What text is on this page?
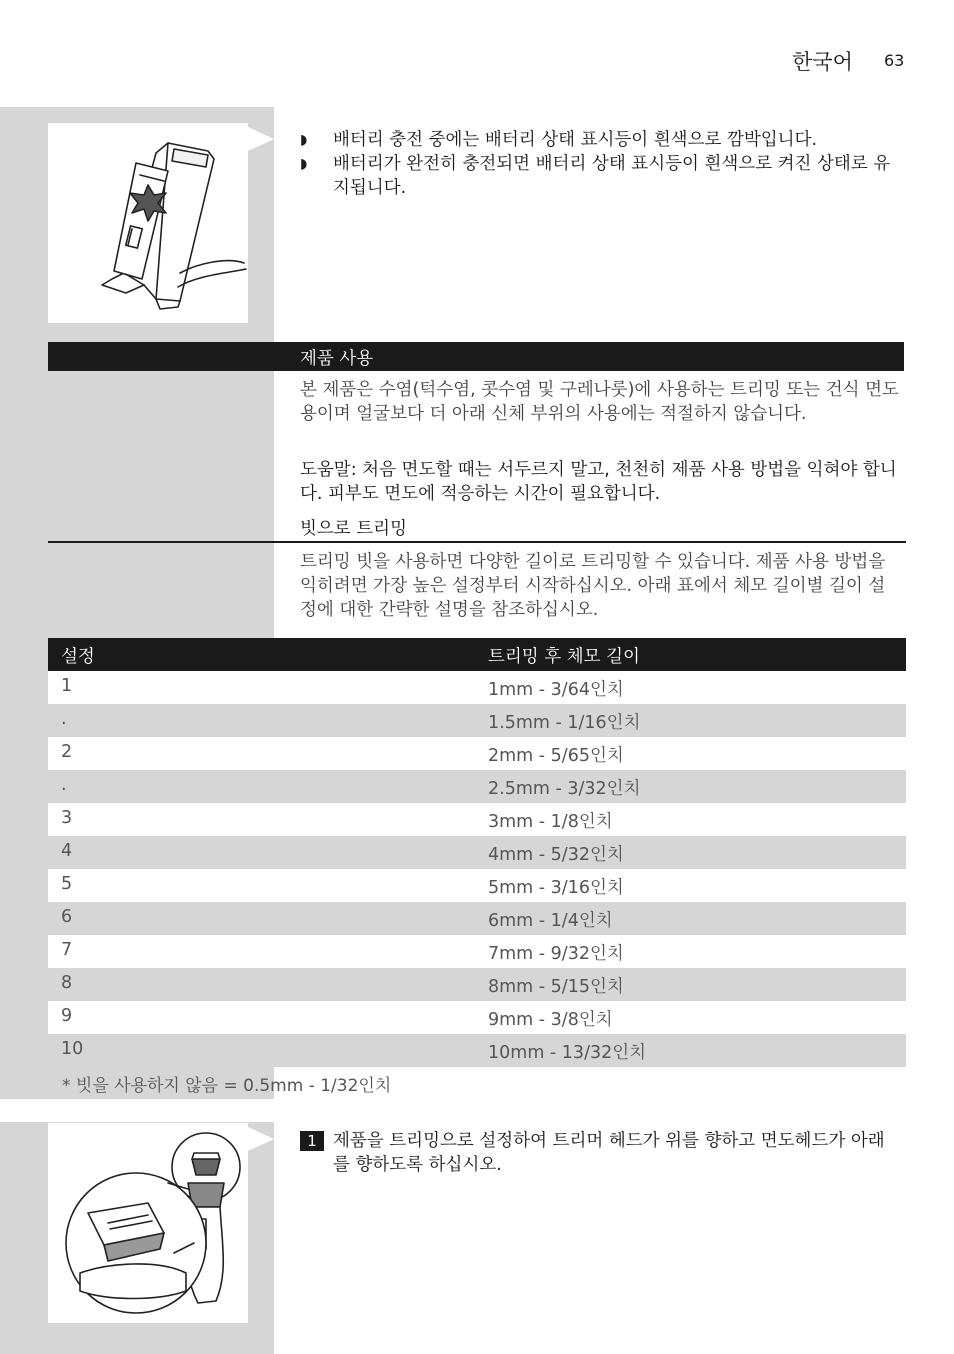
한국어 63
◗ 배터리 충전 중에는 배터리 상태 표시등이 흰색으로 깜박입니다.
◗ 배터리가 완전히 충전되면 배터리 상태 표시등이 흰색으로 켜진 상태로 유지됩니다.
제품 사용
본 제품은 수염(턱수염, 콧수염 및 구레나룻)에 사용하는 트리밍 또는 건식 면도용이며 얼굴보다 더 아래 신체 부위의 사용에는 적절하지 않습니다.
도움말: 처음 면도할 때는 서두르지 말고, 천천히 제품 사용 방법을 익혀야 합니다. 피부도 면도에 적응하는 시간이 필요합니다.
빗으로 트리밍
트리밍 빗을 사용하면 다양한 길이로 트리밍할 수 있습니다. 제품 사용 방법을 익히려면 가장 높은 설정부터 시작하십시오. 아래 표에서 체모 길이별 길이 설정에 대한 간략한 설명을 참조하십시오.
설정	트리밍 후 체모 길이
1	1mm - 3/64인치
.	1.5mm - 1/16인치
2	2mm - 5/65인치
.	2.5mm - 3/32인치
3	3mm - 1/8인치
4	4mm - 5/32인치
5	5mm - 3/16인치
6	6mm - 1/4인치
7	7mm - 9/32인치
8	8mm - 5/15인치
9	9mm - 3/8인치
10	10mm - 13/32인치
* 빗을 사용하지 않음 = 0.5mm - 1/32인치
1 제품을 트리밍으로 설정하여 트리머 헤드가 위를 향하고 면도헤드가 아래를 향하도록 하십시오.
